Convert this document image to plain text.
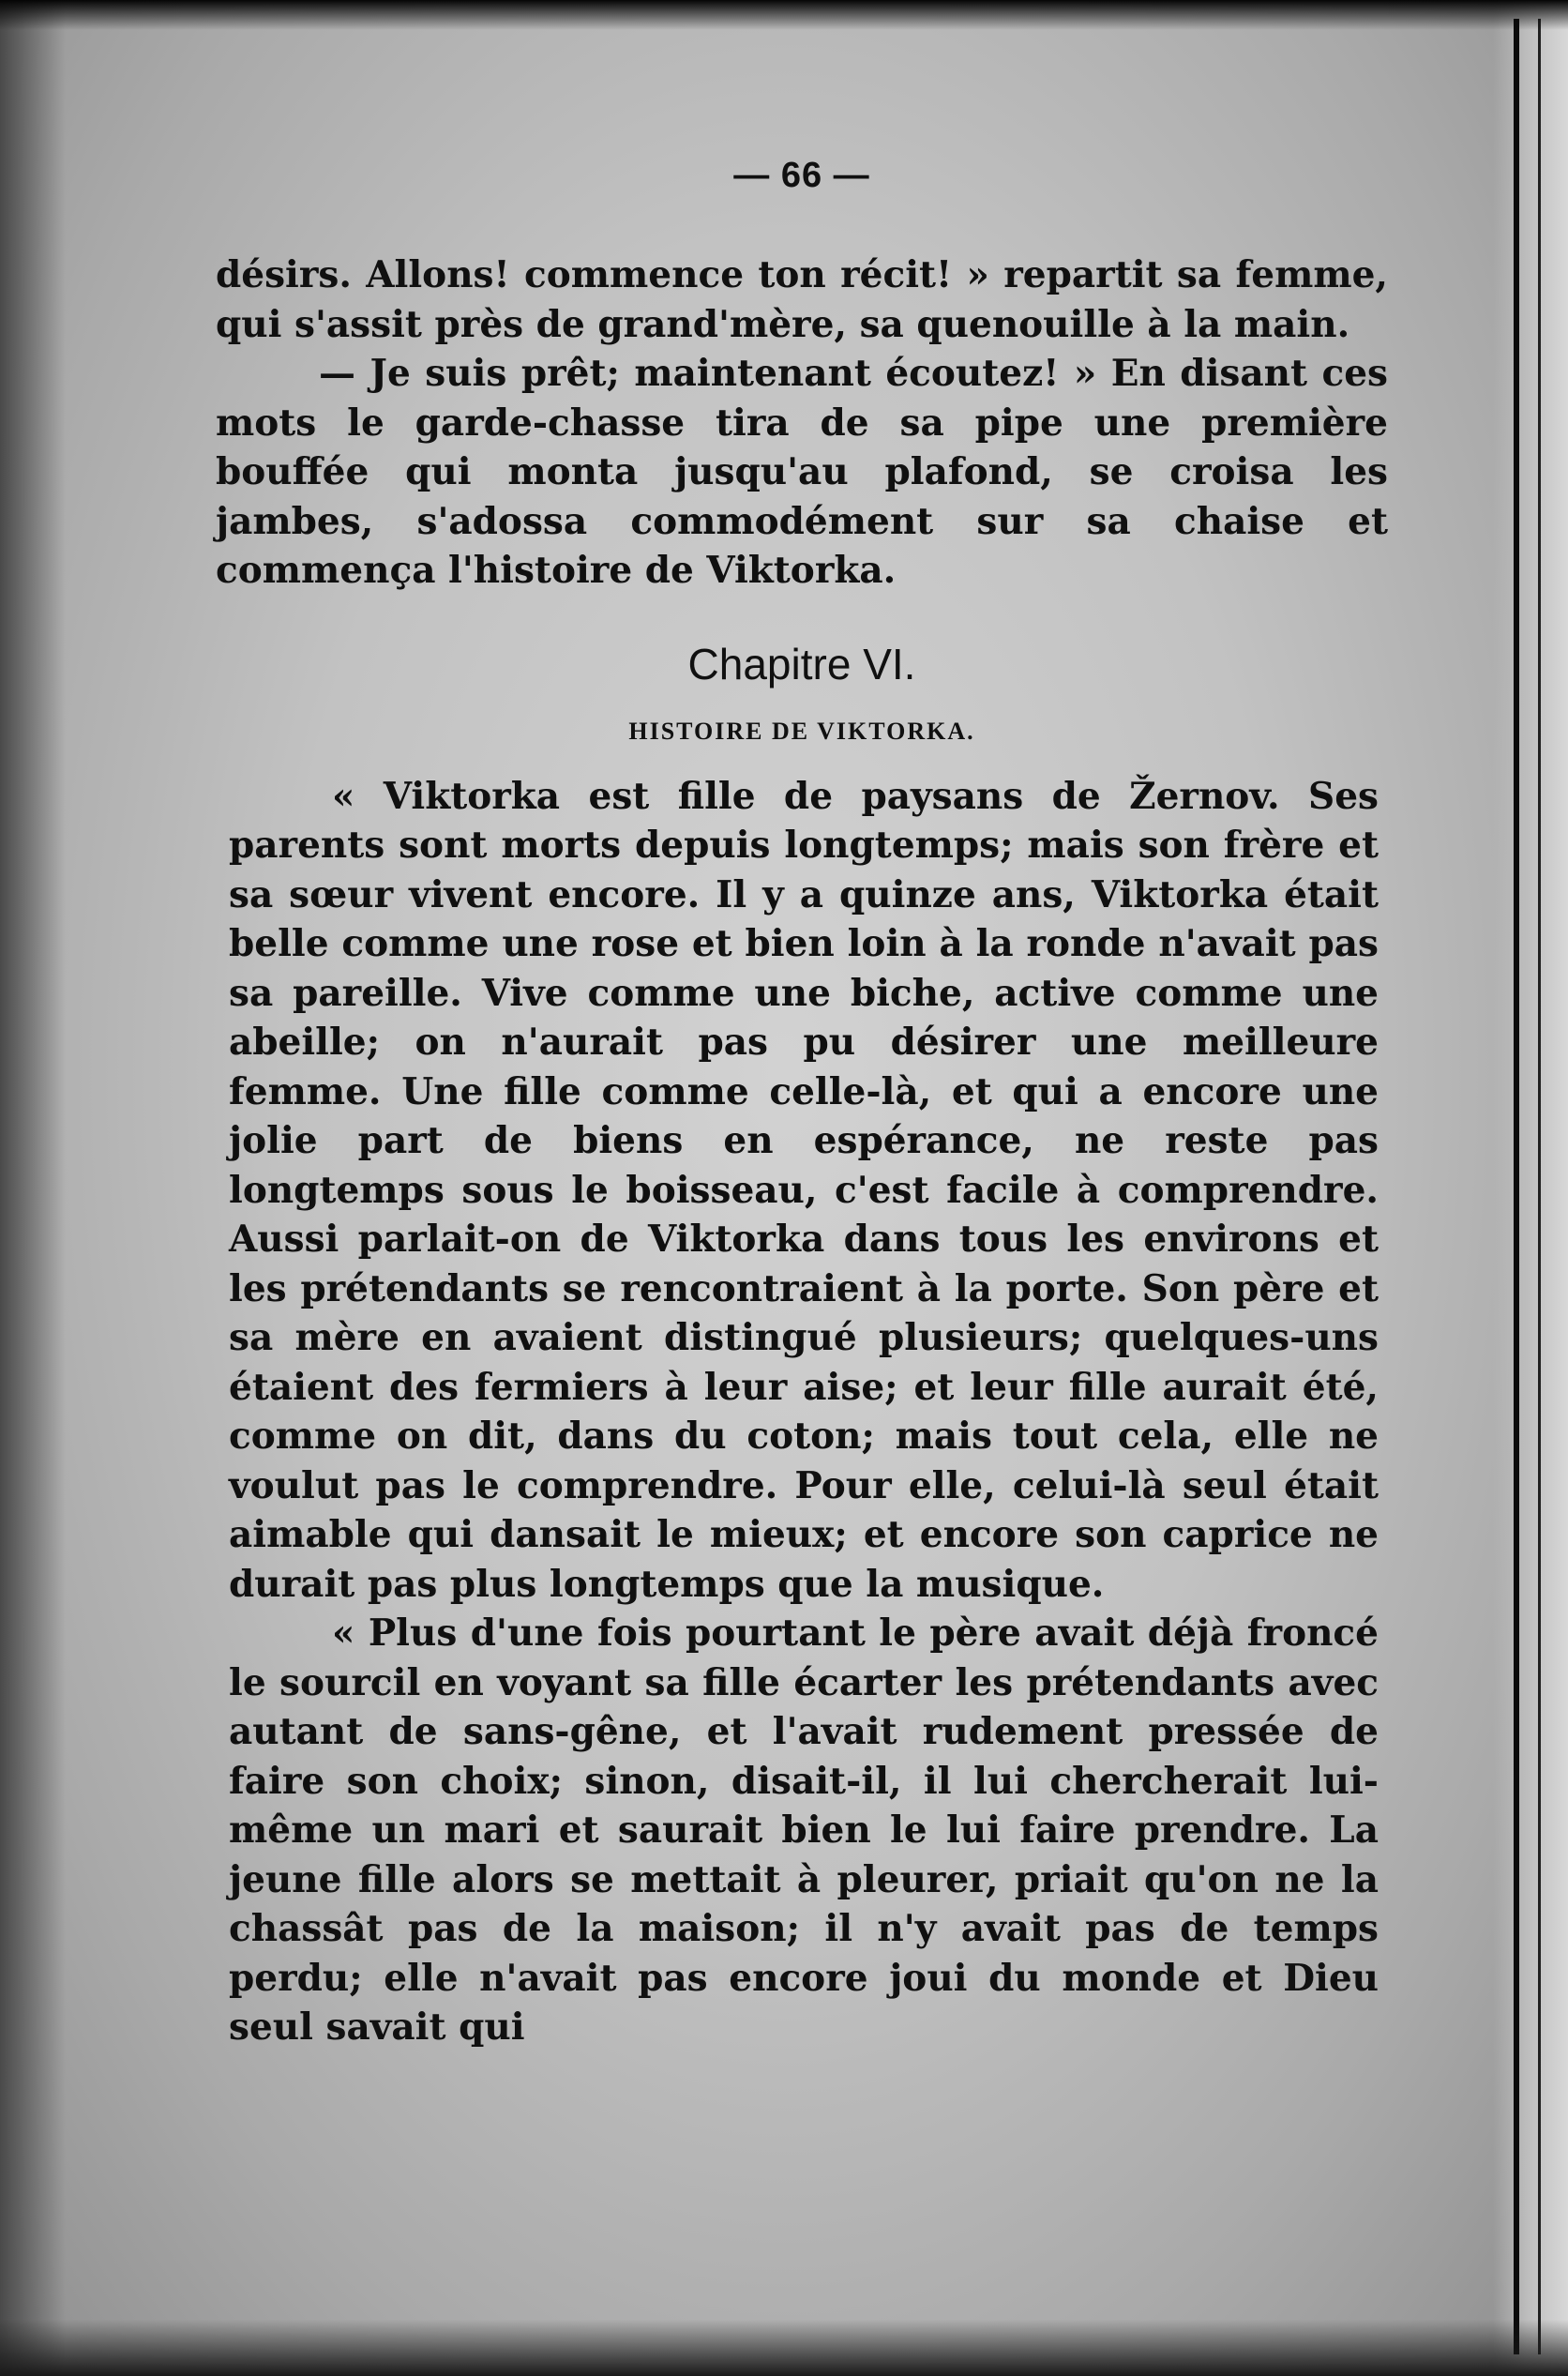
— 66 —

désirs. Allons! commence ton récit! » repartit sa femme, qui s'assit près de grand'mère, sa quenouille à la main.

— Je suis prêt; maintenant écoutez! » En disant ces mots le garde-chasse tira de sa pipe une première bouffée qui monta jusqu'au plafond, se croisa les jambes, s'adossa commodément sur sa chaise et commença l'histoire de Viktorka.

Chapitre VI.
HISTOIRE DE VIKTORKA.

« Viktorka est fille de paysans de Žernov. Ses parents sont morts depuis longtemps; mais son frère et sa sœur vivent encore. Il y a quinze ans, Viktorka était belle comme une rose et bien loin à la ronde n'avait pas sa pareille. Vive comme une biche, active comme une abeille; on n'aurait pas pu désirer une meilleure femme. Une fille comme celle-là, et qui a encore une jolie part de biens en espérance, ne reste pas longtemps sous le boisseau, c'est facile à comprendre. Aussi parlait-on de Viktorka dans tous les environs et les prétendants se rencontraient à la porte. Son père et sa mère en avaient distingué plusieurs; quelques-uns étaient des fermiers à leur aise; et leur fille aurait été, comme on dit, dans du coton; mais tout cela, elle ne voulut pas le comprendre. Pour elle, celui-là seul était aimable qui dansait le mieux; et encore son caprice ne durait pas plus longtemps que la musique.

« Plus d'une fois pourtant le père avait déjà froncé le sourcil en voyant sa fille écarter les prétendants avec autant de sans-gêne, et l'avait rudement pressée de faire son choix; sinon, disait-il, il lui chercherait lui-même un mari et saurait bien le lui faire prendre. La jeune fille alors se mettait à pleurer, priait qu'on ne la chassât pas de la maison; il n'y avait pas de temps perdu; elle n'avait pas encore joui du monde et Dieu seul savait qui
